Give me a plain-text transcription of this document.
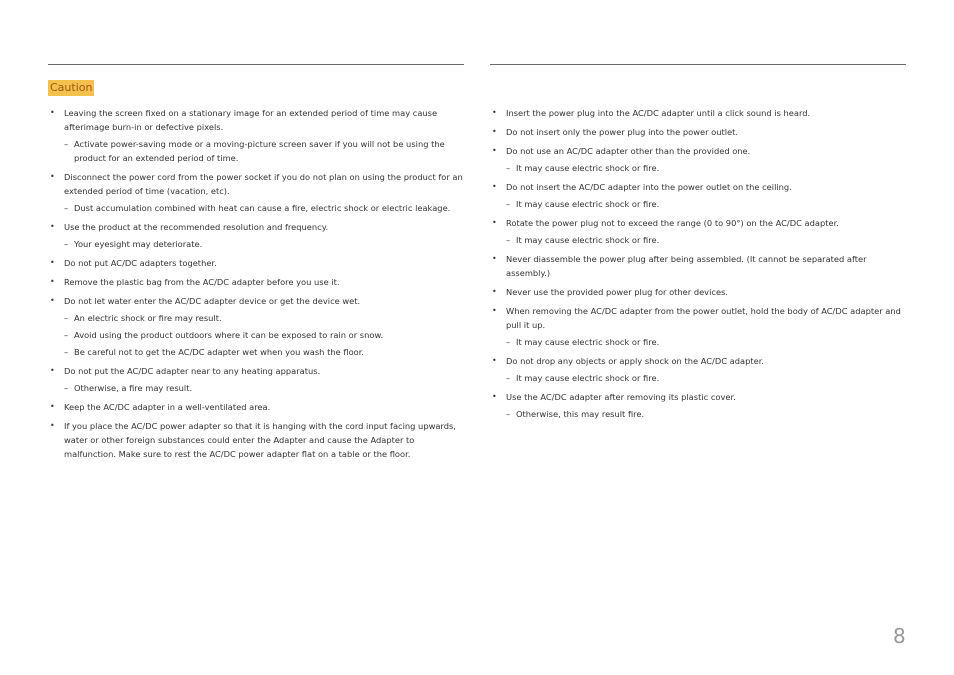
Caution
• Leaving the screen fixed on a stationary image for an extended period of time may cause afterimage burn-in or defective pixels.
– Activate power-saving mode or a moving-picture screen saver if you will not be using the product for an extended period of time.
• Disconnect the power cord from the power socket if you do not plan on using the product for an extended period of time (vacation, etc).
– Dust accumulation combined with heat can cause a fire, electric shock or electric leakage.
• Use the product at the recommended resolution and frequency.
– Your eyesight may deteriorate.
• Do not put AC/DC adapters together.
• Remove the plastic bag from the AC/DC adapter before you use it.
• Do not let water enter the AC/DC adapter device or get the device wet.
– An electric shock or fire may result.
– Avoid using the product outdoors where it can be exposed to rain or snow.
– Be careful not to get the AC/DC adapter wet when you wash the floor.
• Do not put the AC/DC adapter near to any heating apparatus.
– Otherwise, a fire may result.
• Keep the AC/DC adapter in a well-ventilated area.
• If you place the AC/DC power adapter so that it is hanging with the cord input facing upwards, water or other foreign substances could enter the Adapter and cause the Adapter to malfunction. Make sure to rest the AC/DC power adapter flat on a table or the floor.
• Insert the power plug into the AC/DC adapter until a click sound is heard.
• Do not insert only the power plug into the power outlet.
• Do not use an AC/DC adapter other than the provided one.
– It may cause electric shock or fire.
• Do not insert the AC/DC adapter into the power outlet on the ceiling.
– It may cause electric shock or fire.
• Rotate the power plug not to exceed the range (0 to 90°) on the AC/DC adapter.
– It may cause electric shock or fire.
• Never diassemble the power plug after being assembled. (It cannot be separated after assembly.)
• Never use the provided power plug for other devices.
• When removing the AC/DC adapter from the power outlet, hold the body of AC/DC adapter and pull it up.
– It may cause electric shock or fire.
• Do not drop any objects or apply shock on the AC/DC adapter.
– It may cause electric shock or fire.
• Use the AC/DC adapter after removing its plastic cover.
– Otherwise, this may result fire.
8
